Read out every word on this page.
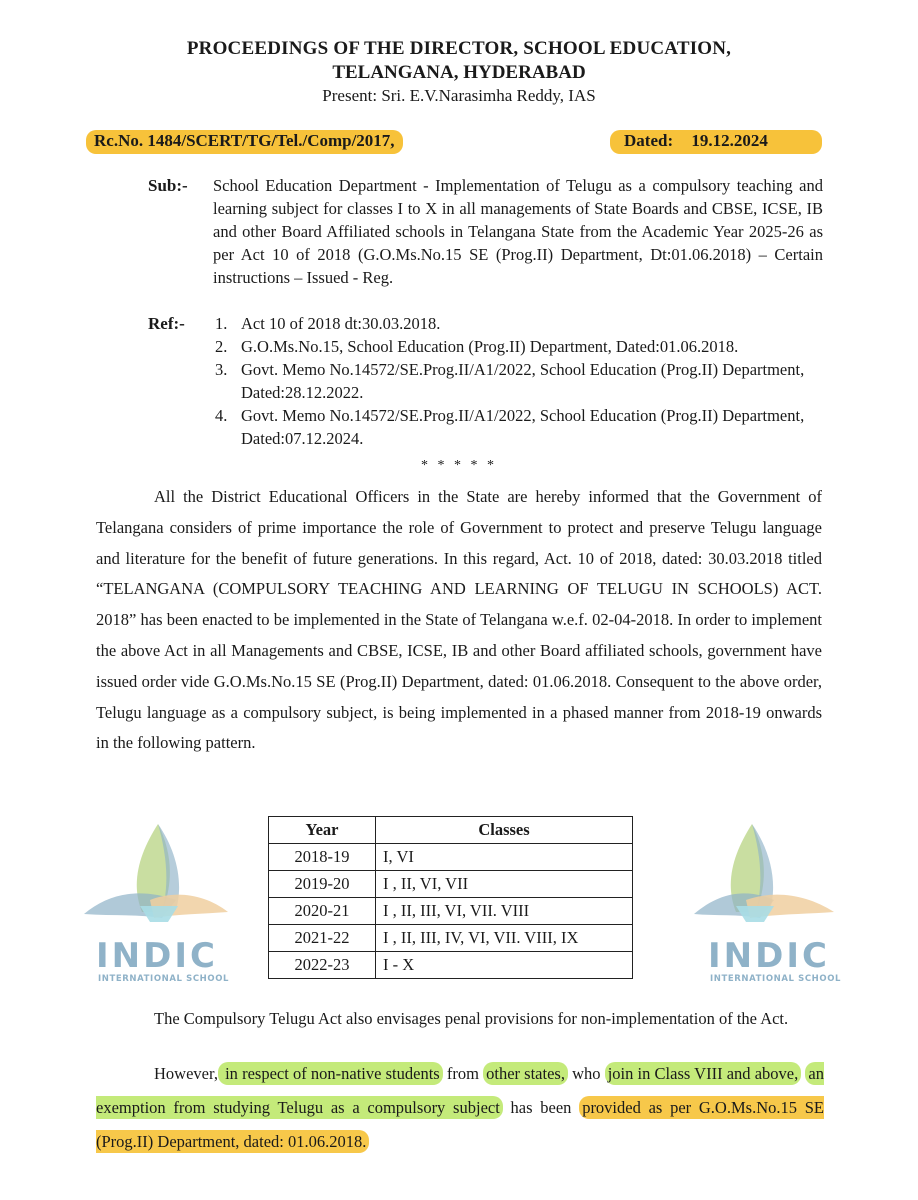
PROCEEDINGS OF THE DIRECTOR, SCHOOL EDUCATION,
TELANGANA, HYDERABAD
Present: Sri. E.V.Narasimha Reddy, IAS
Rc.No. 1484/SCERT/TG/Tel./Comp/2017,	Dated: 19.12.2024
Sub:- School Education Department - Implementation of Telugu as a compulsory teaching and learning subject for classes I to X in all managements of State Boards and CBSE, ICSE, IB and other Board Affiliated schools in Telangana State from the Academic Year 2025-26 as per Act 10 of 2018 (G.O.Ms.No.15 SE (Prog.II) Department, Dt:01.06.2018) – Certain instructions – Issued - Reg.
Ref:- 1. Act 10 of 2018 dt:30.03.2018.
2. G.O.Ms.No.15, School Education (Prog.II) Department, Dated:01.06.2018.
3. Govt. Memo No.14572/SE.Prog.II/A1/2022, School Education (Prog.II) Department, Dated:28.12.2022.
4. Govt. Memo No.14572/SE.Prog.II/A1/2022, School Education (Prog.II) Department, Dated:07.12.2024.
* * * * *

All the District Educational Officers in the State are hereby informed that the Government of Telangana considers of prime importance the role of Government to protect and preserve Telugu language and literature for the benefit of future generations. In this regard, Act. 10 of 2018, dated: 30.03.2018 titled “TELANGANA (COMPULSORY TEACHING AND LEARNING OF TELUGU IN SCHOOLS) ACT. 2018” has been enacted to be implemented in the State of Telangana w.e.f. 02-04-2018. In order to implement the above Act in all Managements and CBSE, ICSE, IB and other Board affiliated schools, government have issued order vide G.O.Ms.No.15 SE (Prog.II) Department, dated: 01.06.2018. Consequent to the above order, Telugu language as a compulsory subject, is being implemented in a phased manner from 2018-19 onwards in the following pattern.

INDIC
INTERNATIONAL SCHOOL
INDIC
INTERNATIONAL SCHOOL
Year	Classes
2018-19	I, VI
2019-20	I , II, VI, VII
2020-21	I , II, III, VI, VII. VIII
2021-22	I , II, III, IV, VI, VII. VIII, IX
2022-23	I - X

The Compulsory Telugu Act also envisages penal provisions for non-implementation of the Act.

However, in respect of non-native students from other states, who join in Class VIII and above, an exemption from studying Telugu as a compulsory subject has been provided as per G.O.Ms.No.15 SE (Prog.II) Department, dated: 01.06.2018.
